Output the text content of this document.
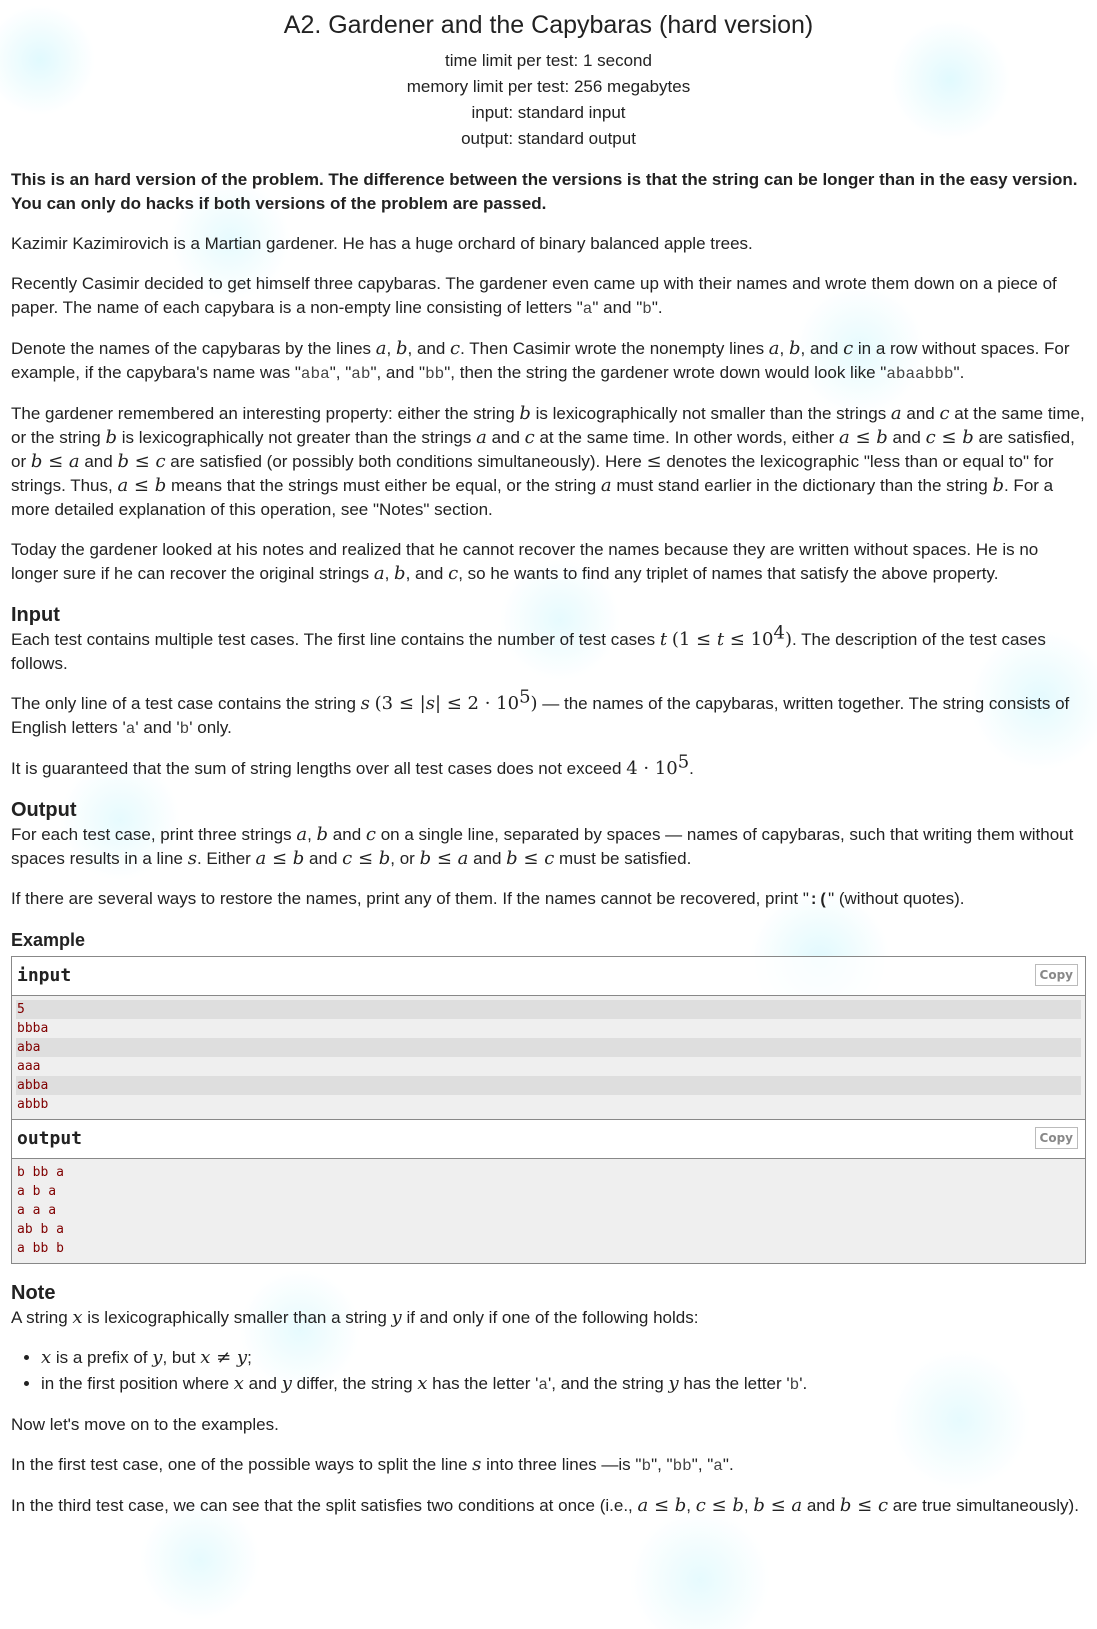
A2. Gardener and the Capybaras (hard version)
time limit per test: 1 second
memory limit per test: 256 megabytes
input: standard input
output: standard output

This is an hard version of the problem. The difference between the versions is that the string can be longer than in the easy version. You can only do hacks if both versions of the problem are passed.

Kazimir Kazimirovich is a Martian gardener. He has a huge orchard of binary balanced apple trees.

Recently Casimir decided to get himself three capybaras. The gardener even came up with their names and wrote them down on a piece of paper. The name of each capybara is a non-empty line consisting of letters "a" and "b".

Denote the names of the capybaras by the lines a, b, and c. Then Casimir wrote the nonempty lines a, b, and c in a row without spaces. For example, if the capybara's name was "aba", "ab", and "bb", then the string the gardener wrote down would look like "abaabbb".

The gardener remembered an interesting property: either the string b is lexicographically not smaller than the strings a and c at the same time, or the string b is lexicographically not greater than the strings a and c at the same time. In other words, either a ≤ b and c ≤ b are satisfied, or b ≤ a and b ≤ c are satisfied (or possibly both conditions simultaneously). Here ≤ denotes the lexicographic "less than or equal to" for strings. Thus, a ≤ b means that the strings must either be equal, or the string a must stand earlier in the dictionary than the string b. For a more detailed explanation of this operation, see "Notes" section.

Today the gardener looked at his notes and realized that he cannot recover the names because they are written without spaces. He is no longer sure if he can recover the original strings a, b, and c, so he wants to find any triplet of names that satisfy the above property.

Input

Each test contains multiple test cases. The first line contains the number of test cases t $(1 \le t \le 10^4)$. The description of the test cases follows.

The only line of a test case contains the string s $(3 \le |s| \le 2 \cdot 10^5)$ — the names of the capybaras, written together. The string consists of English letters 'a' and 'b' only.

It is guaranteed that the sum of string lengths over all test cases does not exceed $4 \cdot 10^5$.

Output

For each test case, print three strings a, b and c on a single line, separated by spaces — names of capybaras, such that writing them without spaces results in a line s. Either a ≤ b and c ≤ b, or b ≤ a and b ≤ c must be satisfied.

If there are several ways to restore the names, print any of them. If the names cannot be recovered, print ":(" (without quotes).

Example
input	Copy
5
bbba
aba
aaa
abba
abbb
output	Copy
b bb a
a b a
a a a
ab b a
a bb b
Note

A string x is lexicographically smaller than a string y if and only if one of the following holds:

• x is a prefix of y, but x ≠ y;
• in the first position where x and y differ, the string x has the letter 'a', and the string y has the letter 'b'.

Now let's move on to the examples.

In the first test case, one of the possible ways to split the line s into three lines —is "b", "bb", "a".

In the third test case, we can see that the split satisfies two conditions at once (i.e., a ≤ b, c ≤ b, b ≤ a and b ≤ c are true simultaneously).
